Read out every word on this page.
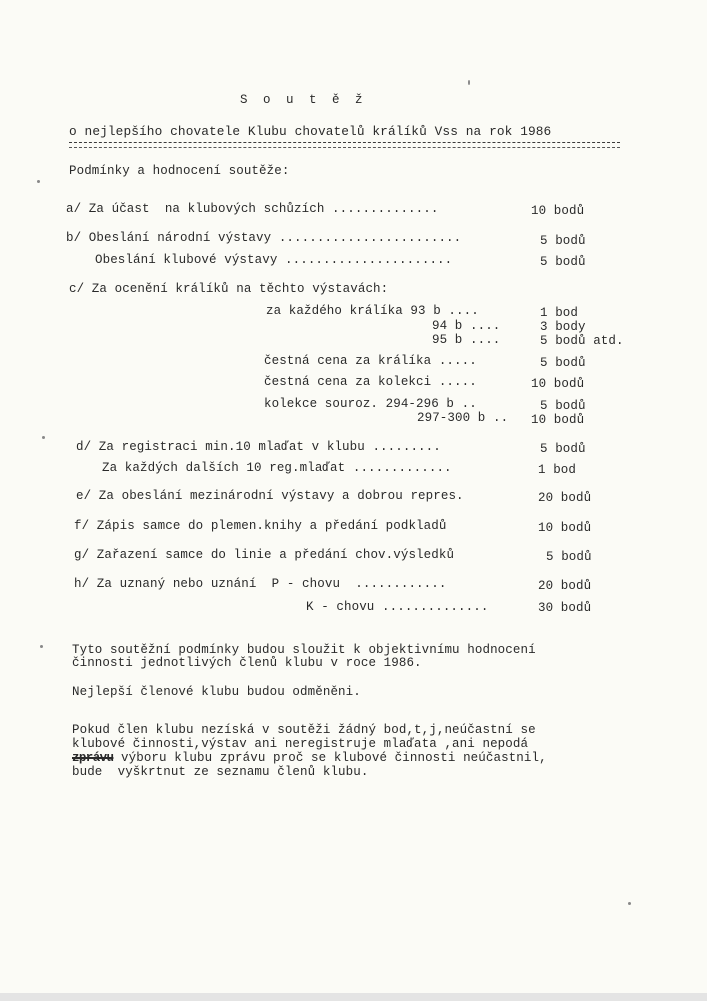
S o u t ě ž
o nejlepšího chovatele Klubu chovatelů králíků Vss na rok 1986
Podmínky a hodnocení soutěže:
a/ Za účast  na klubových schůzích ..............	10 bodů
b/ Obeslání národní výstavy ........................	5 bodů
Obeslání klubové výstavy ......................	5 bodů
c/ Za ocenění králíků na těchto výstavách:
za každého králíka 93 b ....	1 bod
94 b ....	3 body
95 b ....	5 bodů atd.
čestná cena za králíka .....	5 bodů
čestná cena za kolekci .....	10 bodů
kolekce souroz. 294-296 b ..	5 bodů
297-300 b .. 10 bodů
d/ Za registraci min.10 mlaďat v klubu .........	5 bodů
Za každých dalších 10 reg.mlaďat .............	1 bod
e/ Za obeslání mezinárodní výstavy a dobrou repres.	20 bodů
f/ Zápis samce do plemen.knihy a předání podkladů	10 bodů
g/ Zařazení samce do linie a předání chov.výsledků	5 bodů
h/ Za uznaný nebo uznání  P - chovu  ............	20 bodů
K - chovu ..............	30 bodů
Tyto soutěžní podmínky budou sloužit k objektivnímu hodnocení
činnosti jednotlivých členů klubu v roce 1986.
Nejlepší členové klubu budou odměněni.
Pokud člen klubu nezíská v soutěži žádný bod,t,j,neúčastní se
klubové činnosti,výstav ani neregistruje mlaďata ,ani nepodá
zprávu výboru klubu zprávu proč se klubové činnosti neúčastnil,
bude  vyškrtnut ze seznamu členů klubu.
